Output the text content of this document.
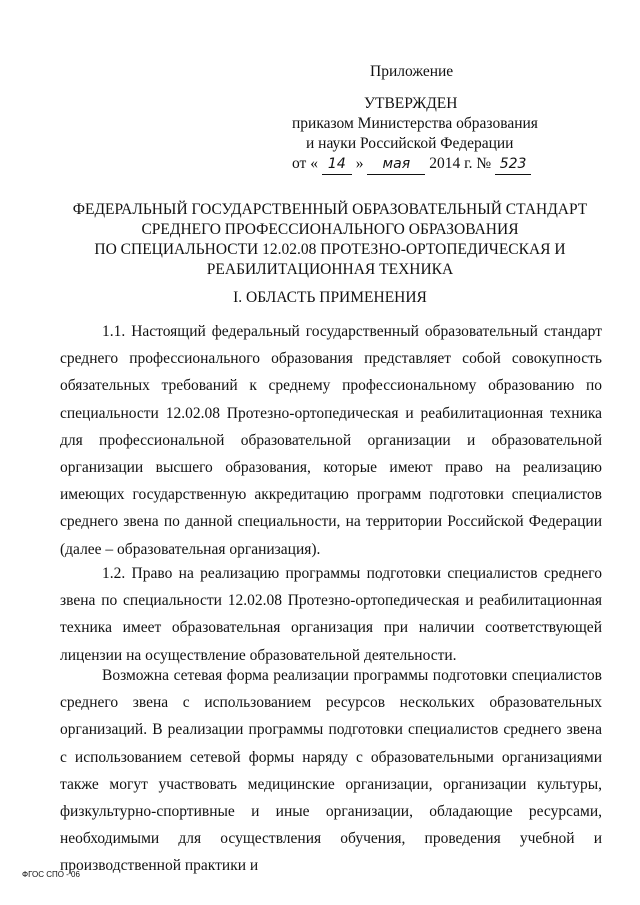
Приложение
УТВЕРЖДЕН
приказом Министерства образования
и науки Российской Федерации
от « 14 » мая 2014 г. № 523
ФЕДЕРАЛЬНЫЙ ГОСУДАРСТВЕННЫЙ ОБРАЗОВАТЕЛЬНЫЙ СТАНДАРТ
СРЕДНЕГО ПРОФЕССИОНАЛЬНОГО ОБРАЗОВАНИЯ
ПО СПЕЦИАЛЬНОСТИ 12.02.08 ПРОТЕЗНО-ОРТОПЕДИЧЕСКАЯ И
РЕАБИЛИТАЦИОННАЯ ТЕХНИКА
I. ОБЛАСТЬ ПРИМЕНЕНИЯ

1.1. Настоящий федеральный государственный образовательный стандарт среднего профессионального образования представляет собой совокупность обязательных требований к среднему профессиональному образованию по специальности 12.02.08 Протезно-ортопедическая и реабилитационная техника для профессиональной образовательной организации и образовательной организации высшего образования, которые имеют право на реализацию имеющих государственную аккредитацию программ подготовки специалистов среднего звена по данной специальности, на территории Российской Федерации (далее – образовательная организация).

1.2. Право на реализацию программы подготовки специалистов среднего звена по специальности 12.02.08 Протезно-ортопедическая и реабилитационная техника имеет образовательная организация при наличии соответствующей лицензии на осуществление образовательной деятельности.

Возможна сетевая форма реализации программы подготовки специалистов среднего звена с использованием ресурсов нескольких образовательных организаций. В реализации программы подготовки специалистов среднего звена с использованием сетевой формы наряду с образовательными организациями также могут участвовать медицинские организации, организации культуры, физкультурно-спортивные и иные организации, обладающие ресурсами, необходимыми для осуществления обучения, проведения учебной и производственной практики и

ФГОС СПО - 06
